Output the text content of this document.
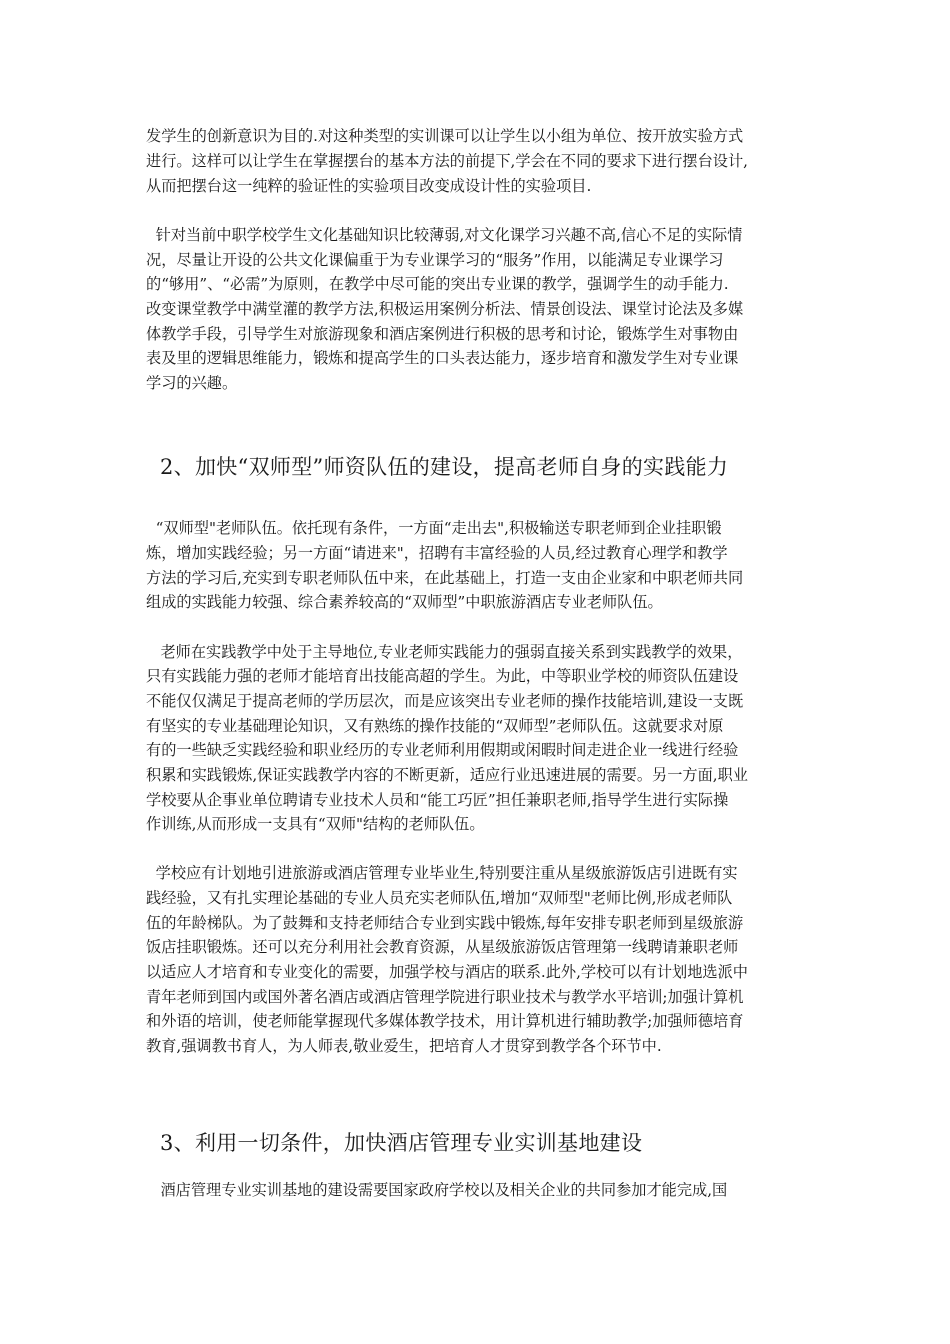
发学生的创新意识为目的.对这种类型的实训课可以让学生以小组为单位、按开放实验方式
进行。这样可以让学生在掌握摆台的基本方法的前提下,学会在不同的要求下进行摆台设计,
从而把摆台这一纯粹的验证性的实验项目改变成设计性的实验项目.
针对当前中职学校学生文化基础知识比较薄弱,对文化课学习兴趣不高,信心不足的实际情
况，尽量让开设的公共文化课偏重于为专业课学习的“服务”作用，以能满足专业课学习
的“够用”、“必需”为原则，在教学中尽可能的突出专业课的教学，强调学生的动手能力.
改变课堂教学中满堂灌的教学方法,积极运用案例分析法、情景创设法、课堂讨论法及多媒
体教学手段，引导学生对旅游现象和酒店案例进行积极的思考和讨论，锻炼学生对事物由
表及里的逻辑思维能力，锻炼和提高学生的口头表达能力，逐步培育和激发学生对专业课
学习的兴趣。
2、加快“双师型”师资队伍的建设，提高老师自身的实践能力
“双师型"老师队伍。依托现有条件，一方面“走出去",积极输送专职老师到企业挂职锻
炼，增加实践经验；另一方面“请进来"，招聘有丰富经验的人员,经过教育心理学和教学
方法的学习后,充实到专职老师队伍中来，在此基础上，打造一支由企业家和中职老师共同
组成的实践能力较强、综合素养较高的“双师型”中职旅游酒店专业老师队伍。
老师在实践教学中处于主导地位,专业老师实践能力的强弱直接关系到实践教学的效果，
只有实践能力强的老师才能培育出技能高超的学生。为此，中等职业学校的师资队伍建设
不能仅仅满足于提高老师的学历层次，而是应该突出专业老师的操作技能培训,建设一支既
有坚实的专业基础理论知识，又有熟练的操作技能的“双师型”老师队伍。这就要求对原
有的一些缺乏实践经验和职业经历的专业老师利用假期或闲暇时间走进企业一线进行经验
积累和实践锻炼,保证实践教学内容的不断更新，适应行业迅速进展的需要。另一方面,职业
学校要从企事业单位聘请专业技术人员和“能工巧匠”担任兼职老师,指导学生进行实际操
作训练,从而形成一支具有“双师"结构的老师队伍。
学校应有计划地引进旅游或酒店管理专业毕业生,特别要注重从星级旅游饭店引进既有实
践经验，又有扎实理论基础的专业人员充实老师队伍,增加“双师型"老师比例,形成老师队
伍的年龄梯队。为了鼓舞和支持老师结合专业到实践中锻炼,每年安排专职老师到星级旅游
饭店挂职锻炼。还可以充分利用社会教育资源，从星级旅游饭店管理第一线聘请兼职老师
以适应人才培育和专业变化的需要，加强学校与酒店的联系.此外,学校可以有计划地选派中
青年老师到国内或国外著名酒店或酒店管理学院进行职业技术与教学水平培训;加强计算机
和外语的培训，使老师能掌握现代多媒体教学技术，用计算机进行辅助教学;加强师德培育
教育,强调教书育人，为人师表,敬业爱生，把培育人才贯穿到教学各个环节中.
3、利用一切条件，加快酒店管理专业实训基地建设
酒店管理专业实训基地的建设需要国家政府学校以及相关企业的共同参加才能完成,国
